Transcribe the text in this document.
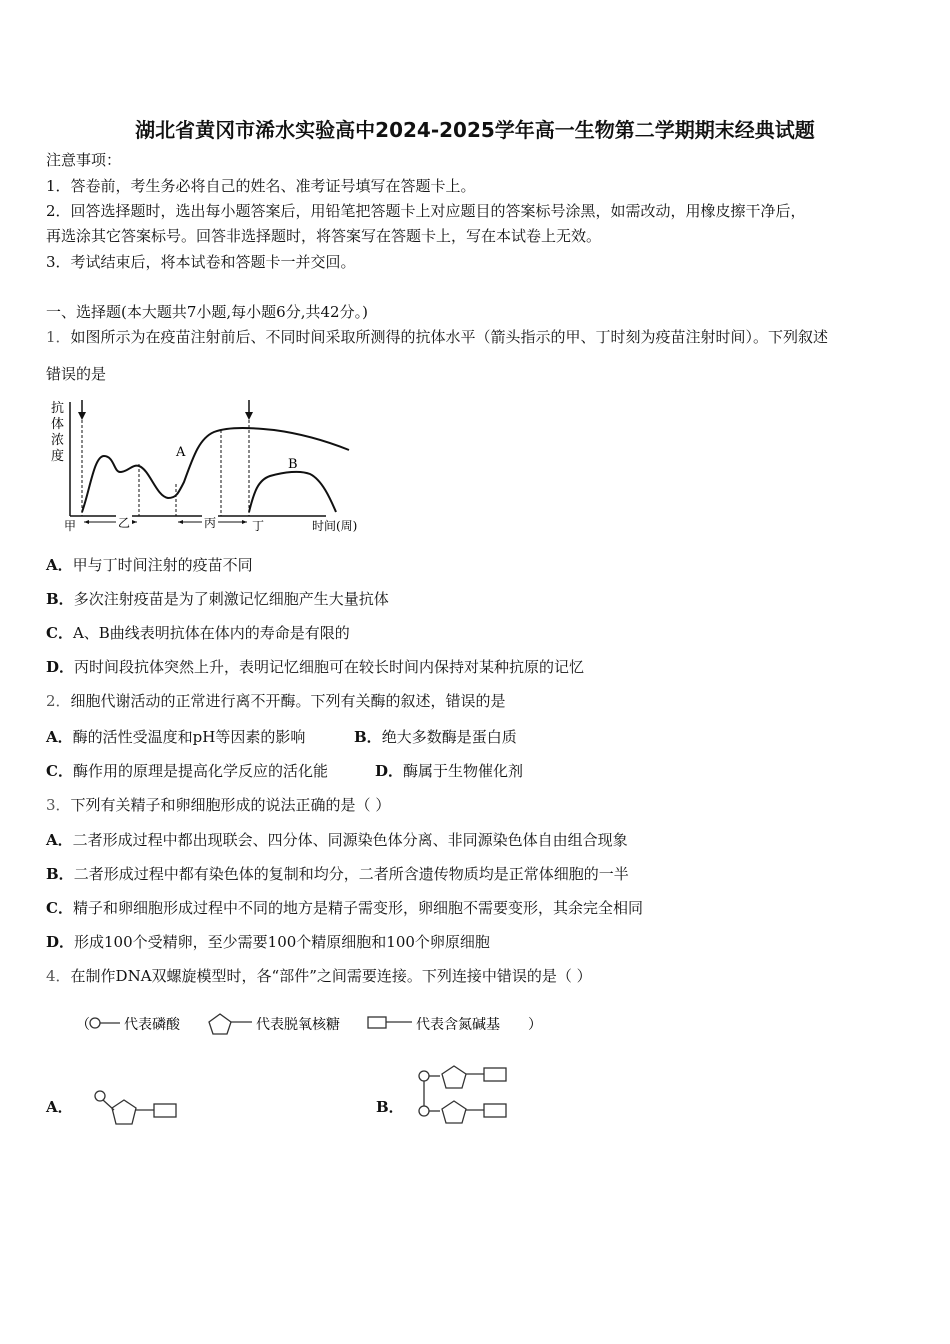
湖北省黄冈市浠水实验高中2024-2025学年高一生物第二学期期末经典试题
注意事项：
1．答卷前，考生务必将自己的姓名、准考证号填写在答题卡上。
2．回答选择题时，选出每小题答案后，用铅笔把答题卡上对应题目的答案标号涂黑，如需改动，用橡皮擦干净后，
再选涂其它答案标号。回答非选择题时，将答案写在答题卡上，写在本试卷上无效。
3．考试结束后，将本试卷和答题卡一并交回。
一、选择题(本大题共7小题,每小题6分,共42分。)
1．如图所示为在疫苗注射前后、不同时间采取所测得的抗体水平（箭头指示的甲、丁时刻为疫苗注射时间）。下列叙述
错误的是
抗
体
浓
度	A
B
甲	乙	丙	丁	时间(周)
A．甲与丁时间注射的疫苗不同
B．多次注射疫苗是为了刺激记忆细胞产生大量抗体
C．A、B曲线表明抗体在体内的寿命是有限的
D．丙时间段抗体突然上升，表明记忆细胞可在较长时间内保持对某种抗原的记忆
2．细胞代谢活动的正常进行离不开酶。下列有关酶的叙述，错误的是
A．酶的活性受温度和pH等因素的影响	B．绝大多数酶是蛋白质
C．酶作用的原理是提高化学反应的活化能	D．酶属于生物催化剂
3．下列有关精子和卵细胞形成的说法正确的是（ ）
A．二者形成过程中都出现联会、四分体、同源染色体分离、非同源染色体自由组合现象
B．二者形成过程中都有染色体的复制和均分，二者所含遗传物质均是正常体细胞的一半
C．精子和卵细胞形成过程中不同的地方是精子需变形，卵细胞不需要变形，其余完全相同
D．形成100个受精卵，至少需要100个精原细胞和100个卵原细胞
4．在制作DNA双螺旋模型时，各“部件”之间需要连接。下列连接中错误的是（ ）
（ 代表磷酸	代表脱氧核糖	代表含氮碱基 ）
A．	B．
